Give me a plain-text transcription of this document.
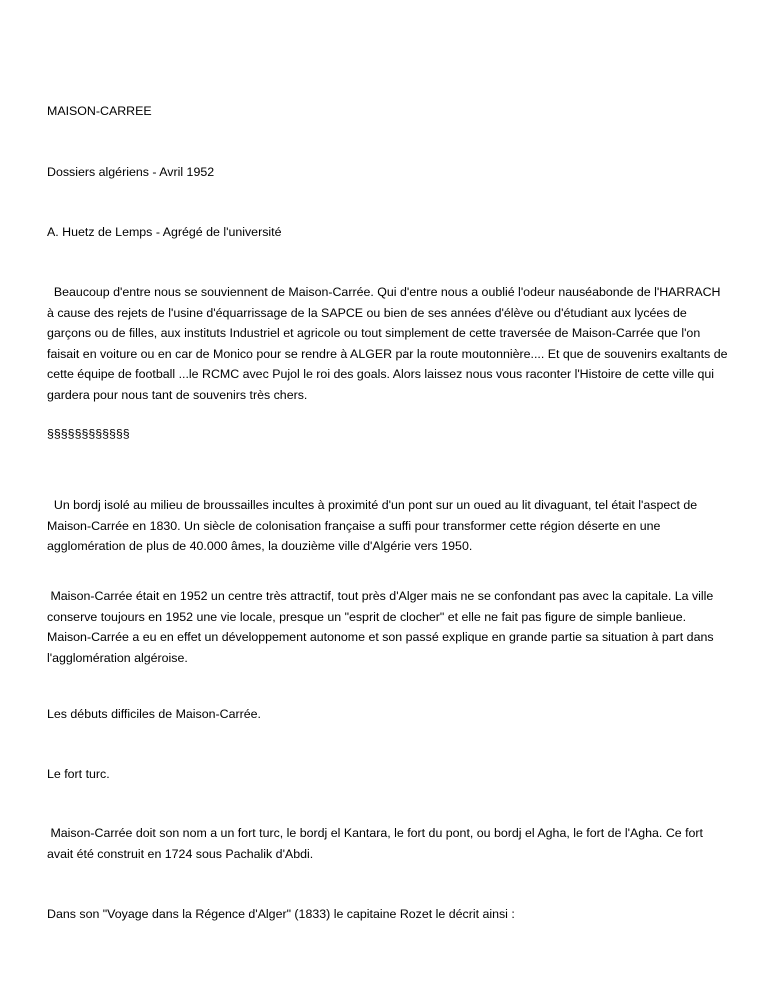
MAISON-CARREE

Dossiers algériens - Avril 1952

A. Huetz de Lemps - Agrégé de l'université

Beaucoup d'entre nous se souviennent de Maison-Carrée. Qui d'entre nous a oublié l'odeur nauséabonde de l'HARRACH à cause des rejets de l'usine d'équarrissage de la SAPCE ou bien de ses années d'élève ou d'étudiant aux lycées de garçons ou de filles, aux instituts Industriel et agricole ou tout simplement de cette traversée de Maison-Carrée que l'on faisait en voiture ou en car de Monico pour se rendre à ALGER par la route moutonnière.... Et que de souvenirs exaltants de cette équipe de football ...le RCMC avec Pujol le roi des goals. Alors laissez nous vous raconter l'Histoire de cette ville qui gardera pour nous tant de souvenirs très chers.

§§§§§§§§§§§§

Un bordj isolé au milieu de broussailles incultes à proximité d'un pont sur un oued au lit divaguant, tel était l'aspect de Maison-Carrée en 1830. Un siècle de colonisation française a suffi pour transformer cette région déserte en une agglomération de plus de 40.000 âmes, la douzième ville d'Algérie vers 1950.

Maison-Carrée était en 1952 un centre très attractif, tout près d'Alger mais ne se confondant pas avec la capitale. La ville conserve toujours en 1952 une vie locale, presque un "esprit de clocher" et elle ne fait pas figure de simple banlieue. Maison-Carrée a eu en effet un développement autonome et son passé explique en grande partie sa situation à part dans l'agglomération algéroise.

Les débuts difficiles de Maison-Carrée.

Le fort turc.

Maison-Carrée doit son nom a un fort turc, le bordj el Kantara, le fort du pont, ou bordj el Agha, le fort de l'Agha. Ce fort avait été construit en 1724 sous Pachalik d'Abdi.

Dans son "Voyage dans la Régence d'Alger" (1833) le capitaine Rozet le décrit ainsi :
